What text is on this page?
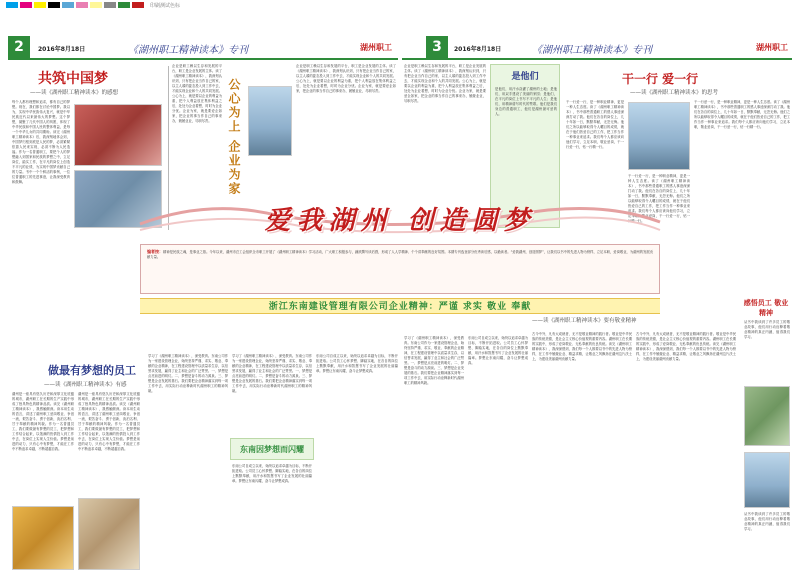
印刷测试色标
2	2016年8月18日	《湖州职工精神读本》专刊	湖州职工
共筑中国梦
——读《湖州职工精神读本》的感想
每个人都有理想和追求，都有自己的梦想。现在，我们都在讨论中国梦。我以为，实现中华民族伟大复兴，就是中华民族近代以来最伟大的梦想。这个梦想，凝聚了几代中国人的夙愿，体现了中华民族和中国人民的整体利益，是每一个中华儿女的共同期盼。读完《湖州职工精神读本》后，我深刻地体会到，中国梦归根到底是人民的梦，必须紧紧依靠人民来实现，必须不断为人民造福。作为一名普通职工，要把个人的梦想融入到国家和民族的梦想之中，立足岗位，踏实工作，在平凡的岗位上创造不平凡的业绩，为实现中国梦贡献自己的力量。书中一个个鲜活的事例，一位位普通职工的先进事迹，让我深受教育和鼓舞。
企业是职工赖以生存和发展的平台，职工是企业发展的主体。读了《湖州职工精神读本》，我深刻认识到，只有把企业当作自己的家，以主人翁的姿态投入到工作中去，才能实现企业和个人的共同发展。公心为上，就是要以企业的利益为重，把个人利益放在集体利益之后，处处为企业着想，时时为企业分忧。企业为家，就是要爱企如家，把企业的事当作自己的事来办，兢兢业业，尽职尽责。	公心为上 企业为家
企业是职工赖以生存和发展的平台，职工是企业发展的主体。读了《湖州职工精神读本》，我深刻认识到，只有把企业当作自己的家，以主人翁的姿态投入到工作中去，才能实现企业和个人的共同发展。公心为上，就是要以企业的利益为重，把个人利益放在集体利益之后，处处为企业着想，时时为企业分忧。企业为家，就是要爱企如家，把企业的事当作自己的事来办，兢兢业业，尽职尽责。
做最有梦想的员工
——读《湖州职工精神读本》有感
湖州是一座具有悠久历史和深厚文化底蕴的城市，湖州职工在长期的生产实践中形成了独具特色的精神品质。读完《湖州职工精神读本》，我感触颇深。读本用生动的语言，讲述了湖州职工爱岗敬业、争创一流，艰苦奋斗、勇于创新，淡泊名利、甘于奉献的精神风貌。作为一名普通员工，我们要做最有梦想的员工，把梦想和工作结合起来，以饱满的热情投入到工作中去，在岗位上实现人生价值。梦想是前进的动力，只有心中有梦想，才能在工作中不断追求卓越，不断超越自我。
湖州是一座具有悠久历史和深厚文化底蕴的城市，湖州职工在长期的生产实践中形成了独具特色的精神品质。读完《湖州职工精神读本》，我感触颇深。读本用生动的语言，讲述了湖州职工爱岗敬业、争创一流，艰苦奋斗、勇于创新，淡泊名利、甘于奉献的精神风貌。作为一名普通员工，我们要做最有梦想的员工，把梦想和工作结合起来，以饱满的热情投入到工作中去，在岗位上实现人生价值。梦想是前进的动力，只有心中有梦想，才能在工作中不断追求卓越，不断超越自我。
学习了《湖州职工精神读本》，深受教育。东南公司作为一家建设管理企业，始终坚持严谨、求实、敬业、奉献的企业精神，在工程建设管理中以质量求生存，以信誉求发展，赢得了业主和社会的广泛赞誉。一、梦想是点亮前进的明灯。二、梦想是奋斗的动力源泉。三、梦想是企业发展的基石。我们要把企业精神落实到每一项工作中去，用实际行动诠释新时代湖州职工的精神风貌。
学习了《湖州职工精神读本》，深受教育。东南公司作为一家建设管理企业，始终坚持严谨、求实、敬业、奉献的企业精神，在工程建设管理中以质量求生存，以信誉求发展，赢得了业主和社会的广泛赞誉。一、梦想是点亮前进的明灯。二、梦想是奋斗的动力源泉。三、梦想是企业发展的基石。我们要把企业精神落实到每一项工作中去，用实际行动诠释新时代湖州职工的精神风貌。
东南因梦想而闪耀
东南公司自成立以来，始终以追求卓越为目标，不断开拓进取。公司员工心怀梦想、脚踏实地，在各自的岗位上默默奉献，用汗水和智慧书写了企业发展的壮丽篇章。梦想让东南闪耀，奋斗让梦想成真。
东南公司自成立以来，始终以追求卓越为目标，不断开拓进取。公司员工心怀梦想、脚踏实地，在各自的岗位上默默奉献，用汗水和智慧书写了企业发展的壮丽篇章。梦想让东南闪耀，奋斗让梦想成真。
3	2016年8月18日	《湖州职工精神读本》专刊	湖州职工
企业是职工赖以生存和发展的平台，职工是企业发展的主体。读了《湖州职工精神读本》，我深刻认识到，只有把企业当作自己的家，以主人翁的姿态投入到工作中去，才能实现企业和个人的共同发展。公心为上，就是要以企业的利益为重，把个人利益放在集体利益之后，处处为企业着想，时时为企业分忧。企业为家，就是要爱企如家，把企业的事当作自己的事来办，兢兢业业，尽职尽责。
是他们
是他们，用汗水浇灌了湖州的土地；是他们，用双手建设了美丽的家园；是他们，在平凡的岗位上书写不平凡的人生；是他们，用精神谱写时代的赞歌。他们是我们身边的普通职工，他们是湖州最可爱的人。
干一行 爱一行
——读《湖州职工精神读本》的思考
干一行爱一行，是一种职业精神，更是一种人生态度。读了《湖州职工精神读本》，书中那些普通职工的感人事迹深深打动了我。他们在各自的岗位上，几十年如一日，默默奉献，无怨无悔。他们之所以能够取得令人瞩目的成绩，就在于他们热爱自己的工作，把工作当作一种事业来追求。我们每个人都应该向他们学习，立足本职，敬业爱岗，干一行爱一行，钻一行精一行。
干一行爱一行，是一种职业精神，更是一种人生态度。读了《湖州职工精神读本》，书中那些普通职工的感人事迹深深打动了我。他们在各自的岗位上，几十年如一日，默默奉献，无怨无悔。他们之所以能够取得令人瞩目的成绩，就在于他们热爱自己的工作，把工作当作一种事业来追求。我们每个人都应该向他们学习，立足本职，敬业爱岗，干一行爱一行，钻一行精一行。
干一行爱一行，是一种职业精神，更是一种人生态度。读了《湖州职工精神读本》，书中那些普通职工的感人事迹深深打动了我。他们在各自的岗位上，几十年如一日，默默奉献，无怨无悔。他们之所以能够取得令人瞩目的成绩，就在于他们热爱自己的工作，把工作当作一种事业来追求。我们每个人都应该向他们学习，立足本职，敬业爱岗，干一行爱一行，钻一行精一行。
——读《湖州职工精神读本》要有敬业精神
学习了《湖州职工精神读本》，深受教育。东南公司作为一家建设管理企业，始终坚持严谨、求实、敬业、奉献的企业精神，在工程建设管理中以质量求生存，以信誉求发展，赢得了业主和社会的广泛赞誉。一、梦想是点亮前进的明灯。二、梦想是奋斗的动力源泉。三、梦想是企业发展的基石。我们要把企业精神落实到每一项工作中去，用实际行动诠释新时代湖州职工的精神风貌。
东南公司自成立以来，始终以追求卓越为目标，不断开拓进取。公司员工心怀梦想、脚踏实地，在各自的岗位上默默奉献，用汗水和智慧书写了企业发展的壮丽篇章。梦想让东南闪耀，奋斗让梦想成真。
古今中外，凡有大成就者，无不是敬业精神的践行者。敬业是中华民族的传统美德，是社会主义核心价值观的重要内容。湖州职工在长期的实践中，形成了爱岗敬业、无私奉献的优良传统。读完《湖州职工精神读本》，我深深感到，我们每一个人都要以书中的先进人物为榜样，在工作中兢兢业业、精益求精，让敬业之风飘扬在湖州这片沃土上，为建设美丽湖州贡献力量。
古今中外，凡有大成就者，无不是敬业精神的践行者。敬业是中华民族的传统美德，是社会主义核心价值观的重要内容。湖州职工在长期的实践中，形成了爱岗敬业、无私奉献的优良传统。读完《湖州职工精神读本》，我深深感到，我们每一个人都要以书中的先进人物为榜样，在工作中兢兢业业、精益求精，让敬业之风飘扬在湖州这片沃土上，为建设美丽湖州贡献力量。
感悟员工 敬业精神
从书中我读到了许多员工的敬业故事，他们用行动诠释着敬业精神的真正内涵，值得我们学习。
从书中我读到了许多员工的敬业故事，他们用行动诠释着敬业精神的真正内涵，值得我们学习。
爱我湖州 创造圆梦
编者按：精神是民族之魂，是事业之基。今年以来，湖州市总工会组织全市职工开展了《湖州职工精神读本》学习活动，广大职工积极参与，踊跃撰写读后感，形成了人人学精神、个个讲奉献的良好氛围。本期专刊选登部分优秀读后感，以飨读者。“爱我湖州，创造圆梦”，让我们以书中的先进人物为榜样，立足本职，爱岗敬业，为湖州的发展贡献力量。
浙江东南建设管理有限公司企业精神：严谨 求实 敬业 奉献
